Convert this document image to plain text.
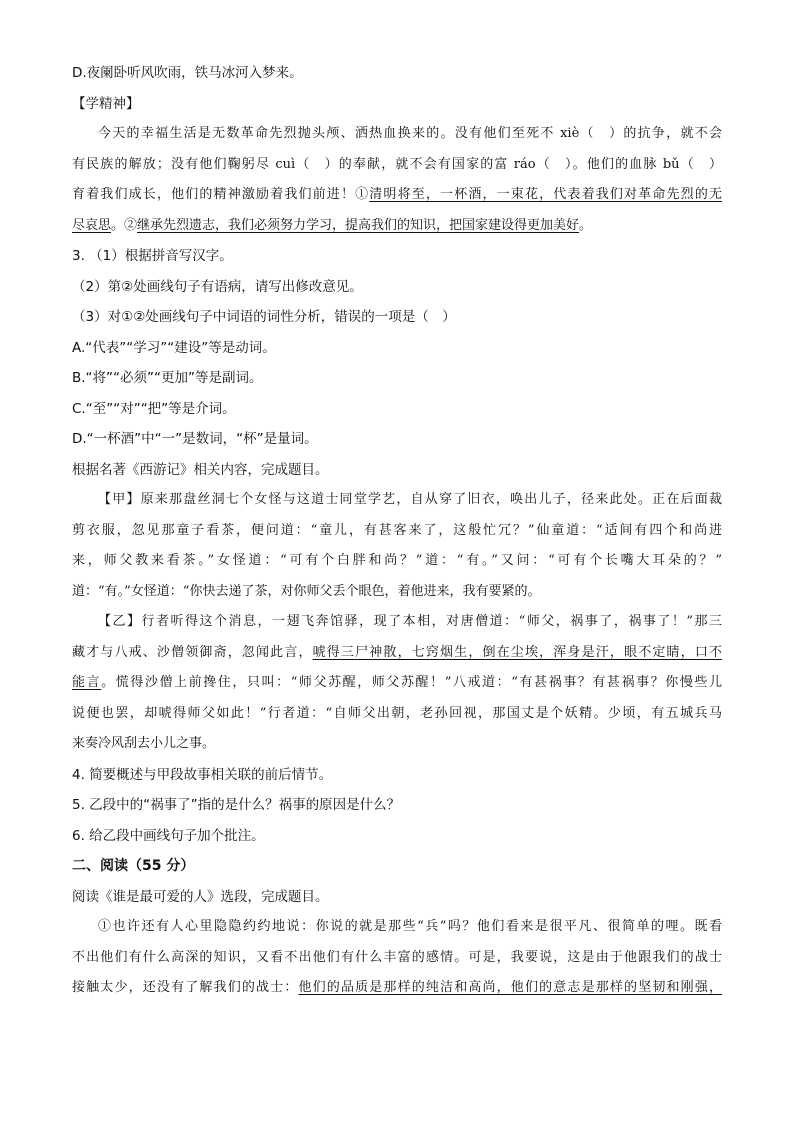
D.夜阑卧听风吹雨，铁马冰河入梦来。
【学精神】
今天的幸福生活是无数革命先烈抛头颅、洒热血换来的。没有他们至死不 xiè（　）的抗争，就不会
有民族的解放；没有他们鞠躬尽 cuì（　）的奉献，就不会有国家的富 ráo（　）。他们的血脉 bǔ（　）
育着我们成长，他们的精神激励着我们前进！①清明将至，一杯酒，一束花，代表着我们对革命先烈的无
尽哀思。②继承先烈遗志，我们必须努力学习，提高我们的知识，把国家建设得更加美好。
3. （1）根据拼音写汉字。
（2）第②处画线句子有语病，请写出修改意见。
（3）对①②处画线句子中词语的词性分析，错误的一项是（　）
A.“代表”“学习”“建设”等是动词。
B.“将”“必须”“更加”等是副词。
C.“至”“对”“把”等是介词。
D.“一杯酒”中“一”是数词，“杯”是量词。
根据名著《西游记》相关内容，完成题目。
【甲】原来那盘丝洞七个女怪与这道士同堂学艺，自从穿了旧衣，唤出儿子，径来此处。正在后面裁
剪衣服，忽见那童子看茶，便问道：“童儿，有甚客来了，这般忙冗？”仙童道：“适间有四个和尚进
来，师父教来看茶。”女怪道：“可有个白胖和尚？”道：“有。”又问：“可有个长嘴大耳朵的？”
道：“有。”女怪道：“你快去递了茶，对你师父丢个眼色，着他进来，我有要紧的。
【乙】行者听得这个消息，一翅飞奔馆驿，现了本相，对唐僧道：“师父，祸事了，祸事了！”那三
藏才与八戒、沙僧领御斋，忽闻此言，唬得三尸神散，七窍烟生，倒在尘埃，浑身是汗，眼不定睛，口不
能言。慌得沙僧上前搀住，只叫：“师父苏醒，师父苏醒！”八戒道：“有甚祸事？有甚祸事？你慢些儿
说便也罢，却唬得师父如此！”行者道：“自师父出朝，老孙回视，那国丈是个妖精。少顷，有五城兵马
来奏冷风刮去小儿之事。
4. 简要概述与甲段故事相关联的前后情节。
5. 乙段中的“祸事了”指的是什么？祸事的原因是什么？
6. 给乙段中画线句子加个批注。
二、阅读（55 分）
阅读《谁是最可爱的人》选段，完成题目。
①也许还有人心里隐隐约约地说：你说的就是那些“兵”吗？他们看来是很平凡、很简单的哩。既看
不出他们有什么高深的知识，又看不出他们有什么丰富的感情。可是，我要说，这是由于他跟我们的战士
接触太少，还没有了解我们的战士：他们的品质是那样的纯洁和高尚，他们的意志是那样的坚韧和刚强，
